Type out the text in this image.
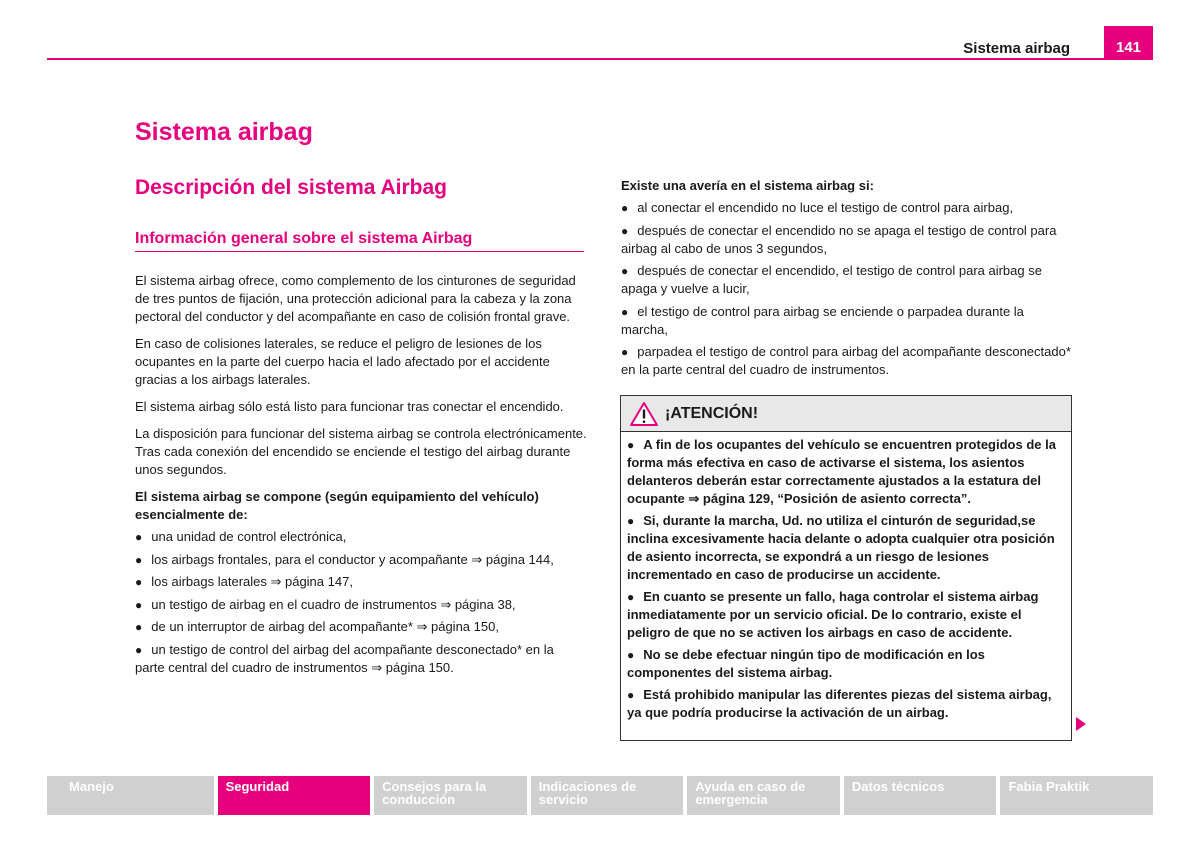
Sistema airbag	141
Sistema airbag
Descripción del sistema Airbag
Información general sobre el sistema Airbag

El sistema airbag ofrece, como complemento de los cinturones de seguridad de tres puntos de fijación, una protección adicional para la cabeza y la zona pectoral del conductor y del acompañante en caso de colisión frontal grave.

En caso de colisiones laterales, se reduce el peligro de lesiones de los ocupantes en la parte del cuerpo hacia el lado afectado por el accidente gracias a los airbags laterales.

El sistema airbag sólo está listo para funcionar tras conectar el encendido.

La disposición para funcionar del sistema airbag se controla electrónicamente. Tras cada conexión del encendido se enciende el testigo del airbag durante unos segundos.

El sistema airbag se compone (según equipamiento del vehículo) esencialmente de:
● una unidad de control electrónica,
● los airbags frontales, para el conductor y acompañante ⇒ página 144,
● los airbags laterales ⇒ página 147,
● un testigo de airbag en el cuadro de instrumentos ⇒ página 38,
● de un interruptor de airbag del acompañante* ⇒ página 150,
● un testigo de control del airbag del acompañante desconectado* en la parte central del cuadro de instrumentos ⇒ página 150.
Existe una avería en el sistema airbag si:
● al conectar el encendido no luce el testigo de control para airbag,
● después de conectar el encendido no se apaga el testigo de control para airbag al cabo de unos 3 segundos,
● después de conectar el encendido, el testigo de control para airbag se apaga y vuelve a lucir,
● el testigo de control para airbag se enciende o parpadea durante la marcha,
● parpadea el testigo de control para airbag del acompañante desconectado* en la parte central del cuadro de instrumentos.
¡ATENCIÓN!
● A fin de los ocupantes del vehículo se encuentren protegidos de la forma más efectiva en caso de activarse el sistema, los asientos delanteros deberán estar correctamente ajustados a la estatura del ocupante ⇒ página 129, “Posición de asiento correcta”.
● Si, durante la marcha, Ud. no utiliza el cinturón de seguridad,se inclina excesivamente hacia delante o adopta cualquier otra posición de asiento incorrecta, se expondrá a un riesgo de lesiones incrementado en caso de producirse un accidente.
● En cuanto se presente un fallo, haga controlar el sistema airbag inmediatamente por un servicio oficial. De lo contrario, existe el peligro de que no se activen los airbags en caso de accidente.
● No se debe efectuar ningún tipo de modificación en los componentes del sistema airbag.
● Está prohibido manipular las diferentes piezas del sistema airbag, ya que podría producirse la activación de un airbag.
Manejo	Seguridad	Consejos para la conducción
Indicaciones de servicio
Ayuda en caso de emergencia
Datos técnicos	Fabia Praktik
